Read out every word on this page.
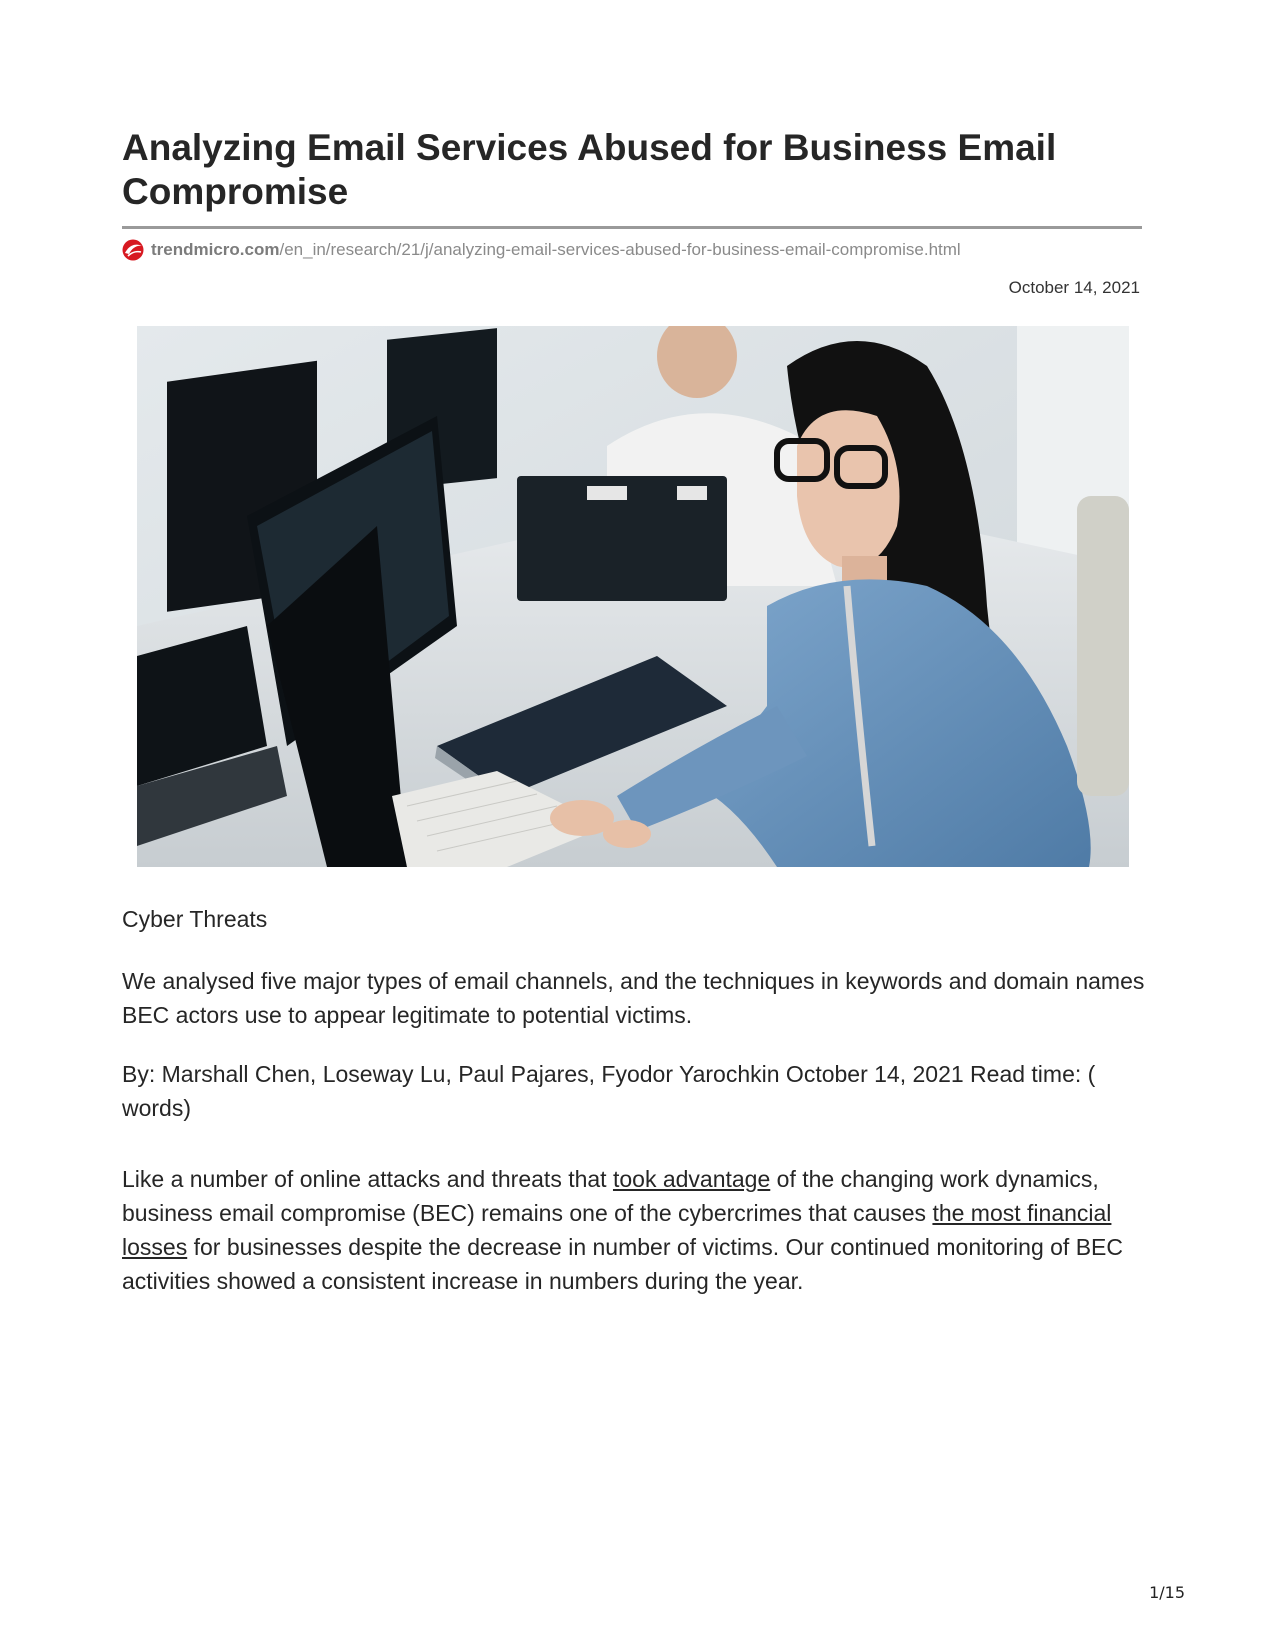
Analyzing Email Services Abused for Business Email Compromise
trendmicro.com /en_in/research/21/j/analyzing-email-services-abused-for-business-email-compromise.html
October 14, 2021
Cyber Threats

We analysed five major types of email channels, and the techniques in keywords and domain names BEC actors use to appear legitimate to potential victims.

By: Marshall Chen, Loseway Lu, Paul Pajares, Fyodor Yarochkin October 14, 2021 Read time: ( words)

Like a number of online attacks and threats that took advantage of the changing work dynamics, business email compromise (BEC) remains one of the cybercrimes that causes the most financial losses for businesses despite the decrease in number of victims. Our continued monitoring of BEC activities showed a consistent increase in numbers during the year.

1/15
